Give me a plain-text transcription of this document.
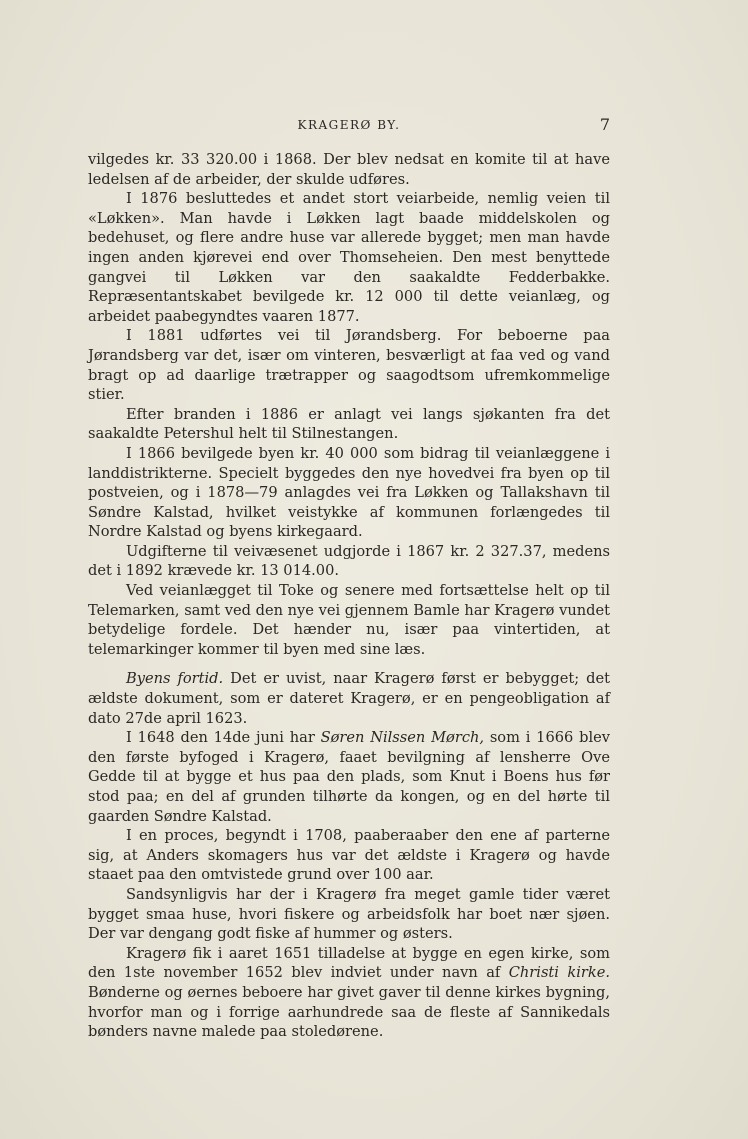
KRAGERØ BY.	7

vilgedes kr. 33 320.00 i 1868. Der blev nedsat en komite til at have ledelsen af de arbeider, der skulde udføres.

I 1876 besluttedes et andet stort veiarbeide, nemlig veien til «Løkken». Man havde i Løkken lagt baade middelskolen og bedehuset, og flere andre huse var allerede bygget; men man havde ingen anden kjørevei end over Thomseheien. Den mest benyttede gangvei til Løkken var den saakaldte Fedderbakke. Repræsentantskabet bevilgede kr. 12 000 til dette veianlæg, og arbeidet paabegyndtes vaaren 1877.

I 1881 udførtes vei til Jørandsberg. For beboerne paa Jørandsberg var det, især om vinteren, besværligt at faa ved og vand bragt op ad daarlige trætrapper og saagodtsom ufremkommelige stier.

Efter branden i 1886 er anlagt vei langs sjøkanten fra det saakaldte Petershul helt til Stilnestangen.

I 1866 bevilgede byen kr. 40 000 som bidrag til veianlæggene i landdistrikterne. Specielt byggedes den nye hovedvei fra byen op til postveien, og i 1878—79 anlagdes vei fra Løkken og Tallakshavn til Søndre Kalstad, hvilket veistykke af kommunen forlængedes til Nordre Kalstad og byens kirkegaard.

Udgifterne til veivæsenet udgjorde i 1867 kr. 2 327.37, medens det i 1892 krævede kr. 13 014.00.

Ved veianlægget til Toke og senere med fortsættelse helt op til Telemarken, samt ved den nye vei gjennem Bamle har Kragerø vundet betydelige fordele. Det hænder nu, især paa vintertiden, at telemarkinger kommer til byen med sine læs.

Byens fortid. Det er uvist, naar Kragerø først er bebygget; det ældste dokument, som er dateret Kragerø, er en pengeobligation af dato 27de april 1623.

I 1648 den 14de juni har Søren Nilssen Mørch, som i 1666 blev den første byfoged i Kragerø, faaet bevilgning af lensherre Ove Gedde til at bygge et hus paa den plads, som Knut i Boens hus før stod paa; en del af grunden tilhørte da kongen, og en del hørte til gaarden Søndre Kalstad.

I en proces, begyndt i 1708, paaberaaber den ene af parterne sig, at Anders skomagers hus var det ældste i Kragerø og havde staaet paa den omtvistede grund over 100 aar.

Sandsynligvis har der i Kragerø fra meget gamle tider været bygget smaa huse, hvori fiskere og arbeidsfolk har boet nær sjøen. Der var dengang godt fiske af hummer og østers.

Kragerø fik i aaret 1651 tilladelse at bygge en egen kirke, som den 1ste november 1652 blev indviet under navn af Christi kirke. Bønderne og øernes beboere har givet gaver til denne kirkes bygning, hvorfor man og i forrige aarhundrede saa de fleste af Sannikedals bønders navne malede paa stoledørene.
